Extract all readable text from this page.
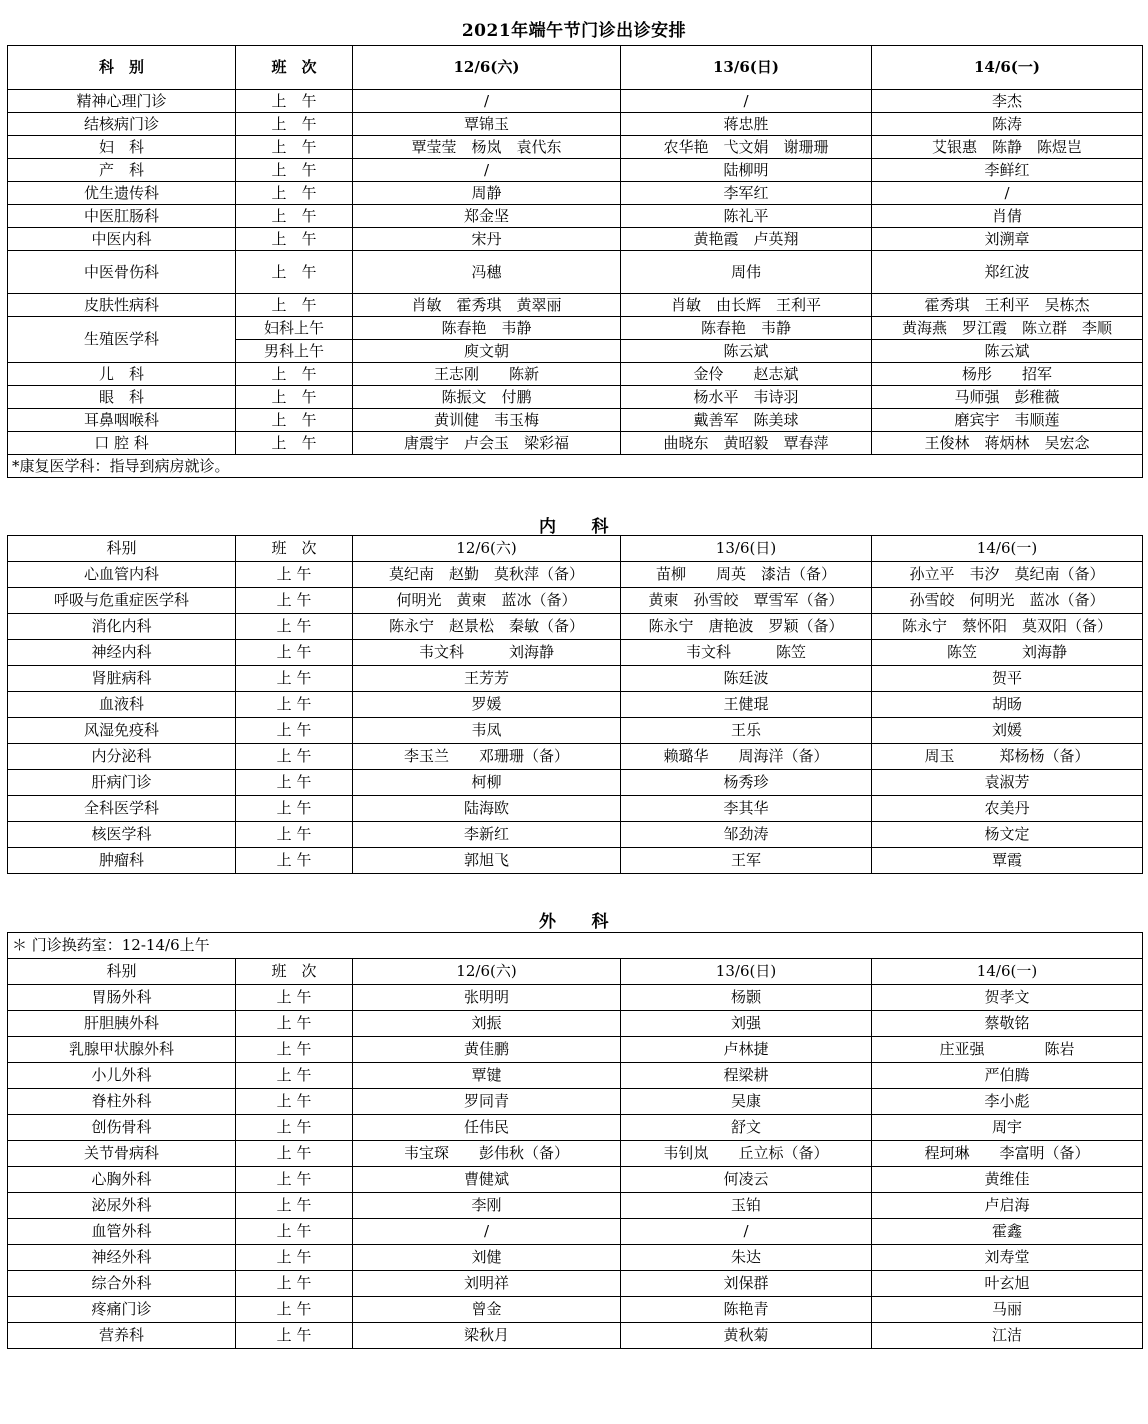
2021年端午节门诊出诊安排
科　别	班　次	12/6(六)	13/6(日)	14/6(一)
精神心理门诊	上　午	/	/	李杰
结核病门诊	上　午	覃锦玉	蒋忠胜	陈涛
妇　科	上　午	覃莹莹　杨岚　袁代东	农华艳　弋文娟　谢珊珊	艾银惠　陈静　陈煜岂
产　科	上　午	/	陆柳明	李鲜红
优生遗传科	上　午	周静	李军红	/
中医肛肠科	上　午	郑金坚	陈礼平	肖倩
中医内科	上　午	宋丹	黄艳霞　卢英翔	刘溯章
中医骨伤科	上　午	冯穗	周伟	郑红波
皮肤性病科	上　午	肖敏　霍秀琪　黄翠丽	肖敏　由长辉　王利平	霍秀琪　王利平　吴栋杰
生殖医学科	妇科上午	陈春艳　韦静	陈春艳　韦静	黄海燕　罗江霞　陈立群　李顺
	男科上午	庾文朝	陈云斌	陈云斌
儿　科	上　午	王志刚　　陈新	金伶　　赵志斌	杨彤　　招军
眼　科	上　午	陈振文　付鹏	杨水平　韦诗羽	马师强　彭稚薇
耳鼻咽喉科	上　午	黄训健　韦玉梅	戴善军　陈美球	磨宾宇　韦顺莲
口 腔 科	上　午	唐震宇　卢会玉　梁彩福	曲晓东　黄昭毅　覃春萍	王俊林　蒋炳林　吴宏念
*康复医学科：指导到病房就诊。				
内　　科
科别	班　次	12/6(六)	13/6(日)	14/6(一)
心血管内科	上 午	莫纪南　赵勤　莫秋萍（备）	苗柳　　周英　漆洁（备）	孙立平　韦汐　莫纪南（备）
呼吸与危重症医学科	上 午	何明光　黄柬　蓝冰（备）	黄柬　孙雪皎　覃雪军（备）	孙雪皎　何明光　蓝冰（备）
消化内科	上 午	陈永宁　赵景松　秦敏（备）	陈永宁　唐艳波　罗颖（备）	陈永宁　蔡怀阳　莫双阳（备）
神经内科	上 午	韦文科　　　刘海静	韦文科　　　陈笠	陈笠　　　刘海静
肾脏病科	上 午	王芳芳	陈廷波	贺平
血液科	上 午	罗媛	王健琨	胡旸
风湿免疫科	上 午	韦凤	王乐	刘媛
内分泌科	上 午	李玉兰　　邓珊珊（备）	赖璐华　　周海洋（备）	周玉　　　郑杨杨（备）
肝病门诊	上 午	柯柳	杨秀珍	袁淑芳
全科医学科	上 午	陆海欧	李其华	农美丹
核医学科	上 午	李新红	邹劲涛	杨文定
肿瘤科	上 午	郭旭飞	王军	覃霞
外　　科
＊ 门诊换药室：12-14/6上午				
科别	班　次	12/6(六)	13/6(日)	14/6(一)
胃肠外科	上 午	张明明	杨颢	贺孝文
肝胆胰外科	上 午	刘振	刘强	蔡敬铭
乳腺甲状腺外科	上 午	黄佳鹏	卢林捷	庄亚强　　　　陈岩
小儿外科	上 午	覃键	程梁耕	严伯腾
脊柱外科	上 午	罗同青	吴康	李小彪
创伤骨科	上 午	任伟民	舒文	周宇
关节骨病科	上 午	韦宝琛　　彭伟秋（备）	韦钊岚　　丘立标（备）	程珂琳　　李富明（备）
心胸外科	上 午	曹健斌	何凌云	黄维佳
泌尿外科	上 午	李刚	玉铂	卢启海
血管外科	上 午	/	/	霍鑫
神经外科	上 午	刘健	朱达	刘寿堂
综合外科	上 午	刘明祥	刘保群	叶玄旭
疼痛门诊	上 午	曾金	陈艳青	马丽
营养科	上 午	梁秋月	黄秋菊	江洁
